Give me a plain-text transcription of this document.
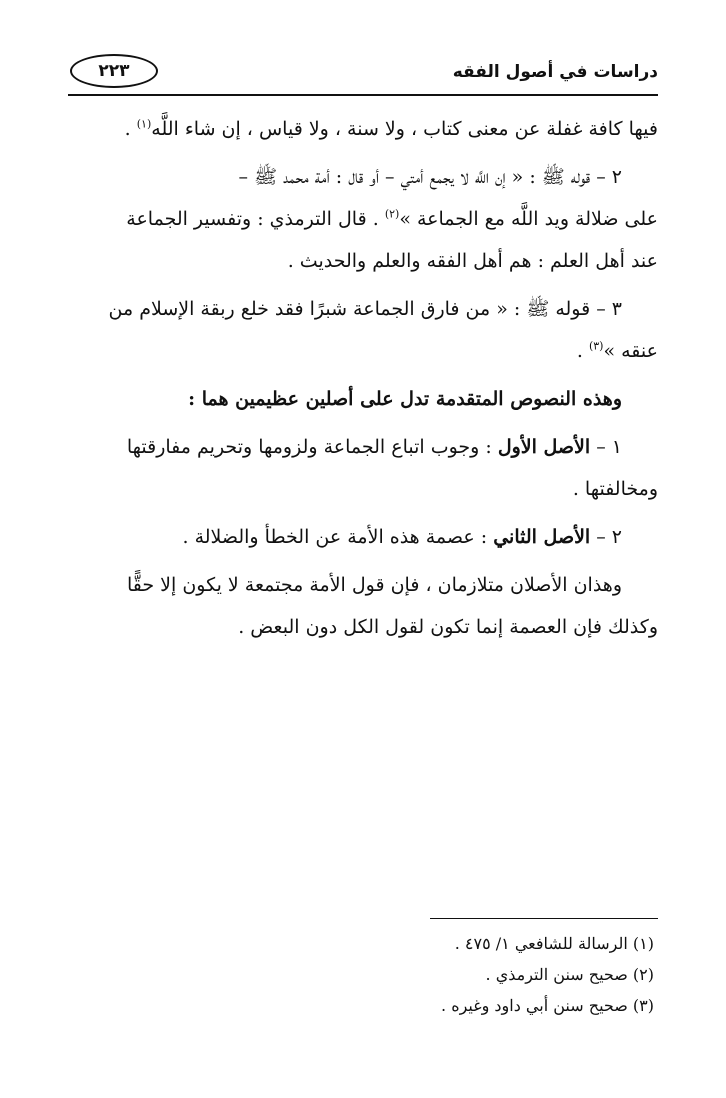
٢٢٣	دراسات في أصول الفقه

فيها كافة غفلة عن معنى كتاب ، ولا سنة ، ولا قياس ، إن شاء اللَّه$^{(١)}$ .

٢ – قوله ﷺ : « إن اللَّه لا يجمع أمتي – أو قال : أمة محمد ﷺ –

على ضلالة ويد اللَّه مع الجماعة »$^{(٢)}$ . قال الترمذي : وتفسير الجماعة

عند أهل العلم : هم أهل الفقه والعلم والحديث .

٣ – قوله ﷺ : « من فارق الجماعة شبرًا فقد خلع ربقة الإسلام من

عنقه »$^{(٣)}$ .

وهذه النصوص المتقدمة تدل على أصلين عظيمين هما :

١ – الأصل الأول : وجوب اتباع الجماعة ولزومها وتحريم مفارقتها

ومخالفتها .

٢ – الأصل الثاني : عصمة هذه الأمة عن الخطأ والضلالة .

وهذان الأصلان متلازمان ، فإن قول الأمة مجتمعة لا يكون إلا حقًّا

وكذلك فإن العصمة إنما تكون لقول الكل دون البعض .

(١) الرسالة للشافعي ١/ ٤٧٥ .

(٢) صحيح سنن الترمذي .

(٣) صحيح سنن أبي داود وغيره .
